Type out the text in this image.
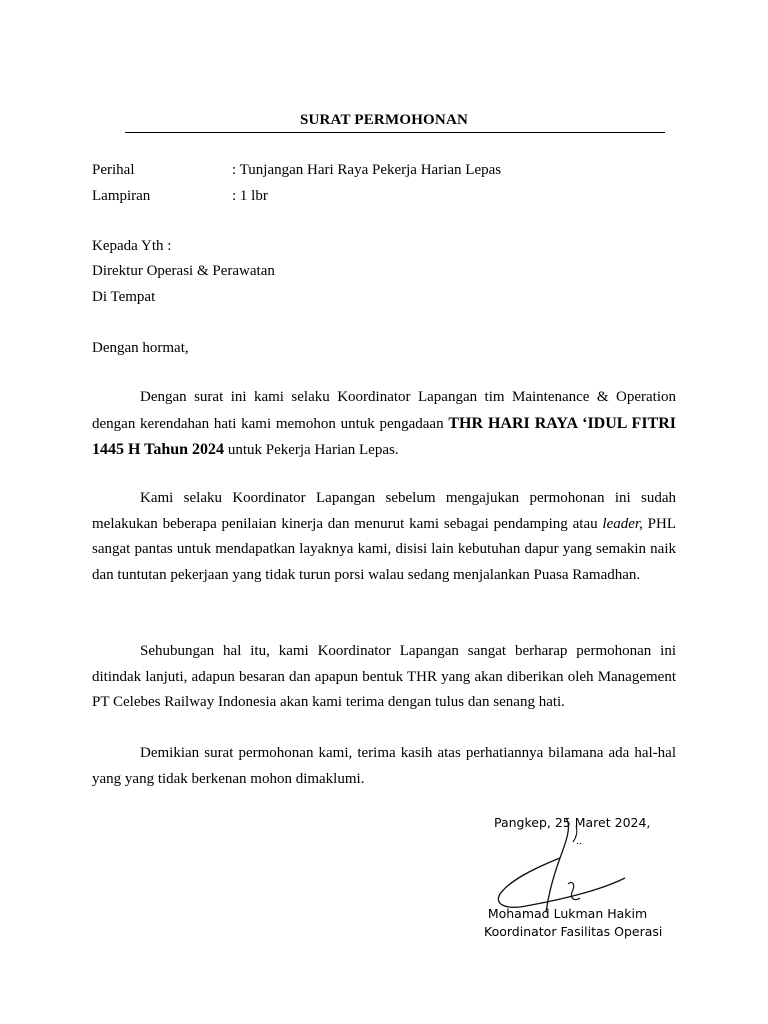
SURAT PERMOHONAN
Perihal	: Tunjangan Hari Raya Pekerja Harian Lepas
Lampiran	: 1 lbr
Kepada Yth :
Direktur Operasi & Perawatan
Di Tempat
Dengan hormat,
Dengan surat ini kami selaku Koordinator Lapangan tim Maintenance & Operation dengan kerendahan hati kami memohon untuk pengadaan THR HARI RAYA ‘IDUL FITRI 1445 H Tahun 2024 untuk Pekerja Harian Lepas.
Kami selaku Koordinator Lapangan sebelum mengajukan permohonan ini sudah melakukan beberapa penilaian kinerja dan menurut kami sebagai pendamping atau leader, PHL sangat pantas untuk mendapatkan layaknya kami, disisi lain kebutuhan dapur yang semakin naik dan tuntutan pekerjaan yang tidak turun porsi walau sedang menjalankan Puasa Ramadhan.
Sehubungan hal itu, kami Koordinator Lapangan sangat berharap permohonan ini ditindak lanjuti, adapun besaran dan apapun bentuk THR yang akan diberikan oleh Management PT Celebes Railway Indonesia akan kami terima dengan tulus dan senang hati.
Demikian surat permohonan kami, terima kasih atas perhatiannya bilamana ada hal-hal yang yang tidak berkenan mohon dimaklumi.
Pangkep, 25 Maret 2024,
Mohamad Lukman Hakim
Koordinator Fasilitas Operasi
